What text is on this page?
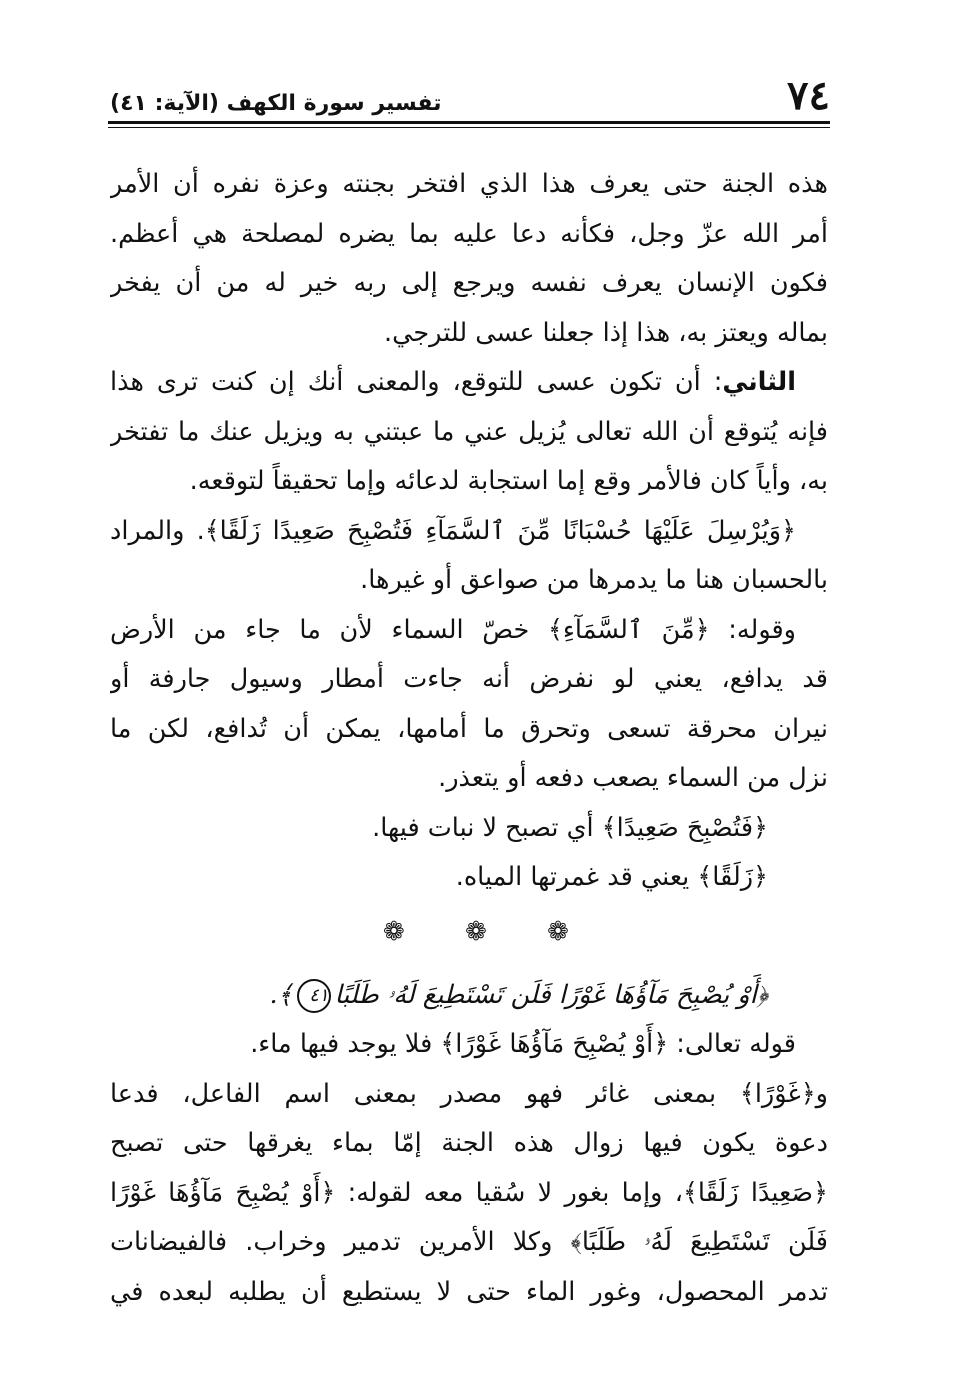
٧٤
تفسير سورة الكهف (الآية: ٤١)
هذه الجنة حتى يعرف هذا الذي افتخر بجنته وعزة نفره أن الأمر
أمر الله عزّ وجل، فكأنه دعا عليه بما يضره لمصلحة هي أعظم.
فكون الإنسان يعرف نفسه ويرجع إلى ربه خير له من أن يفخر
بماله ويعتز به، هذا إذا جعلنا عسى للترجي.
الثاني: أن تكون عسى للتوقع، والمعنى أنك إن كنت ترى هذا
فإنه يُتوقع أن الله تعالى يُزيل عني ما عبتني به ويزيل عنك ما تفتخر
به، وأياً كان فالأمر وقع إما استجابة لدعائه وإما تحقيقاً لتوقعه.
﴿وَيُرْسِلَ عَلَيْهَا حُسْبَانًا مِّنَ ٱلسَّمَآءِ فَتُصْبِحَ صَعِيدًا زَلَقًا﴾. والمراد
بالحسبان هنا ما يدمرها من صواعق أو غيرها.
وقوله: ﴿مِّنَ ٱلسَّمَآءِ﴾ خصّ السماء لأن ما جاء من الأرض
قد يدافع، يعني لو نفرض أنه جاءت أمطار وسيول جارفة أو
نيران محرقة تسعى وتحرق ما أمامها، يمكن أن تُدافع، لكن ما
نزل من السماء يصعب دفعه أو يتعذر.
﴿فَتُصْبِحَ صَعِيدًا﴾ أي تصبح لا نبات فيها.
﴿زَلَقًا﴾ يعني قد غمرتها المياه.
❁ ❁ ❁
﴿أَوْ يُصْبِحَ مَآؤُهَا غَوْرًا فَلَن تَسْتَطِيعَ لَهُۥ طَلَبًا٤١﴾.
قوله تعالى: ﴿أَوْ يُصْبِحَ مَآؤُهَا غَوْرًا﴾ فلا يوجد فيها ماء.
و﴿غَوْرًا﴾ بمعنى غائر فهو مصدر بمعنى اسم الفاعل، فدعا
دعوة يكون فيها زوال هذه الجنة إمّا بماء يغرقها حتى تصبح
﴿صَعِيدًا زَلَقًا﴾، وإما بغور لا سُقيا معه لقوله: ﴿أَوْ يُصْبِحَ مَآؤُهَا غَوْرًا
فَلَن تَسْتَطِيعَ لَهُۥ طَلَبًا﴾ وكلا الأمرين تدمير وخراب. فالفيضانات
تدمر المحصول، وغور الماء حتى لا يستطيع أن يطلبه لبعده في
